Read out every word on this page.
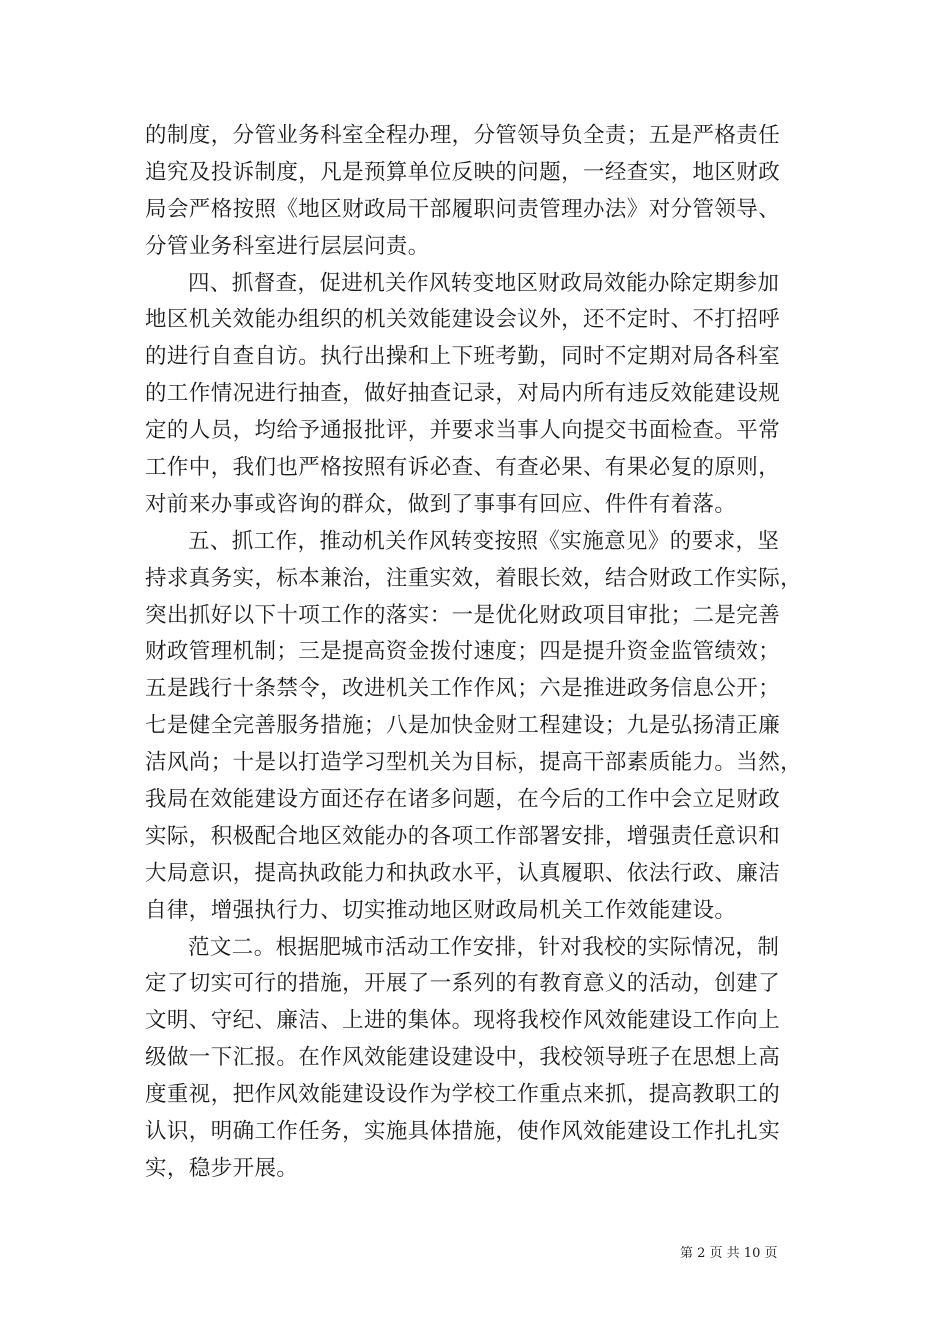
的制度，分管业务科室全程办理，分管领导负全责；五是严格责任
追究及投诉制度，凡是预算单位反映的问题，一经查实，地区财政
局会严格按照《地区财政局干部履职问责管理办法》对分管领导、
分管业务科室进行层层问责。
四、抓督查，促进机关作风转变地区财政局效能办除定期参加
地区机关效能办组织的机关效能建设会议外，还不定时、不打招呼
的进行自查自访。执行出操和上下班考勤，同时不定期对局各科室
的工作情况进行抽查，做好抽查记录，对局内所有违反效能建设规
定的人员，均给予通报批评，并要求当事人向提交书面检查。平常
工作中，我们也严格按照有诉必查、有查必果、有果必复的原则，
对前来办事或咨询的群众，做到了事事有回应、件件有着落。
五、抓工作，推动机关作风转变按照《实施意见》的要求，坚
持求真务实，标本兼治，注重实效，着眼长效，结合财政工作实际，
突出抓好以下十项工作的落实：一是优化财政项目审批；二是完善
财政管理机制；三是提高资金拨付速度；四是提升资金监管绩效；
五是践行十条禁令，改进机关工作作风；六是推进政务信息公开；
七是健全完善服务措施；八是加快金财工程建设；九是弘扬清正廉
洁风尚；十是以打造学习型机关为目标，提高干部素质能力。当然，
我局在效能建设方面还存在诸多问题，在今后的工作中会立足财政
实际，积极配合地区效能办的各项工作部署安排，增强责任意识和
大局意识，提高执政能力和执政水平，认真履职、依法行政、廉洁
自律，增强执行力、切实推动地区财政局机关工作效能建设。
范文二。根据肥城市活动工作安排，针对我校的实际情况，制
定了切实可行的措施，开展了一系列的有教育意义的活动，创建了
文明、守纪、廉洁、上进的集体。现将我校作风效能建设工作向上
级做一下汇报。在作风效能建设建设中，我校领导班子在思想上高
度重视，把作风效能建设设作为学校工作重点来抓，提高教职工的
认识，明确工作任务，实施具体措施，使作风效能建设工作扎扎实
实，稳步开展。
第 2 页 共 10 页
